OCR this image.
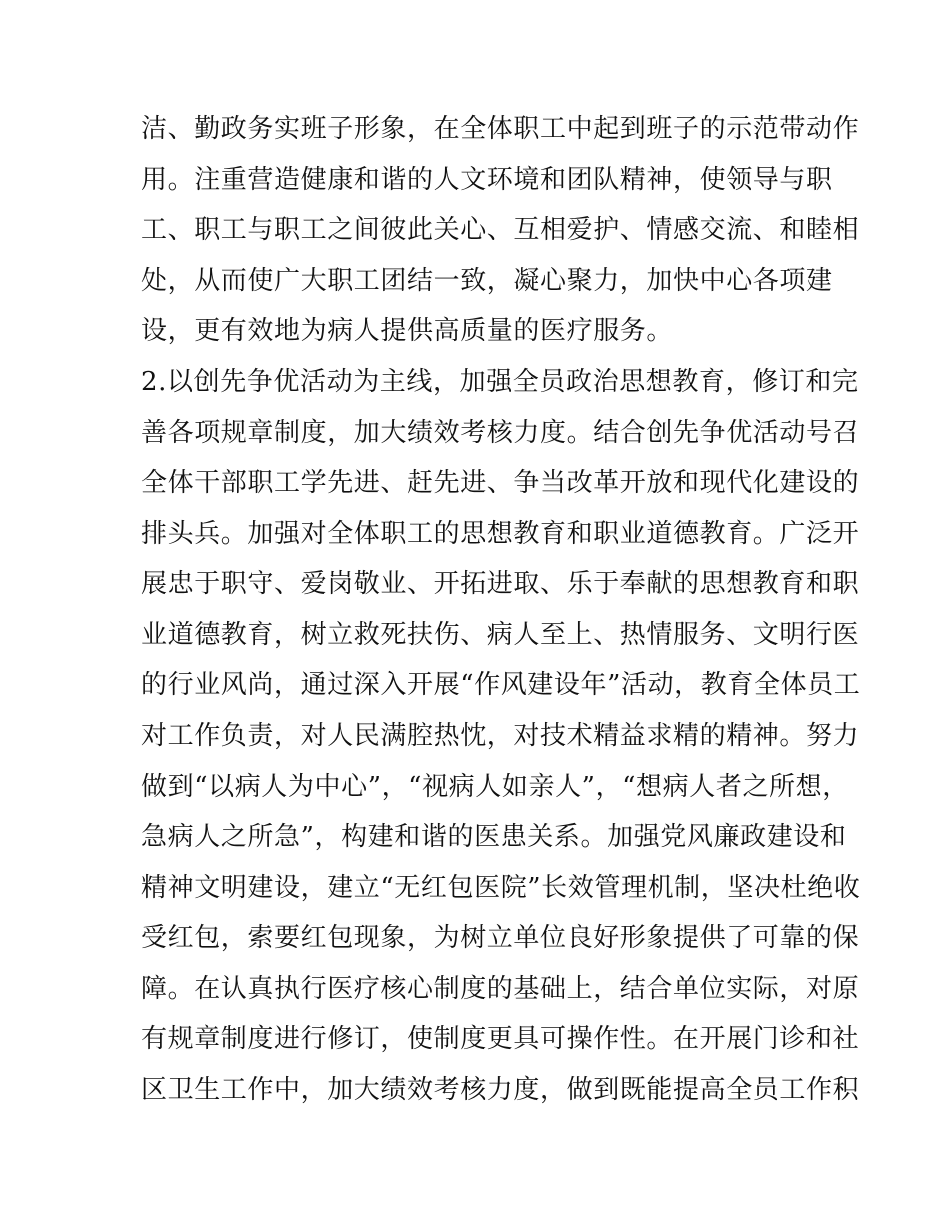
洁、勤政务实班子形象，在全体职工中起到班子的示范带动作
用。注重营造健康和谐的人文环境和团队精神，使领导与职
工、职工与职工之间彼此关心、互相爱护、情感交流、和睦相
处，从而使广大职工团结一致，凝心聚力，加快中心各项建
设，更有效地为病人提供高质量的医疗服务。
2.以创先争优活动为主线，加强全员政治思想教育，修订和完
善各项规章制度，加大绩效考核力度。结合创先争优活动号召
全体干部职工学先进、赶先进、争当改革开放和现代化建设的
排头兵。加强对全体职工的思想教育和职业道德教育。广泛开
展忠于职守、爱岗敬业、开拓进取、乐于奉献的思想教育和职
业道德教育，树立救死扶伤、病人至上、热情服务、文明行医
的行业风尚，通过深入开展“作风建设年”活动，教育全体员工
对工作负责，对人民满腔热忱，对技术精益求精的精神。努力
做到“以病人为中心”，“视病人如亲人”，“想病人者之所想，
急病人之所急”，构建和谐的医患关系。加强党风廉政建设和
精神文明建设，建立“无红包医院”长效管理机制，坚决杜绝收
受红包，索要红包现象，为树立单位良好形象提供了可靠的保
障。在认真执行医疗核心制度的基础上，结合单位实际，对原
有规章制度进行修订，使制度更具可操作性。在开展门诊和社
区卫生工作中，加大绩效考核力度，做到既能提高全员工作积
